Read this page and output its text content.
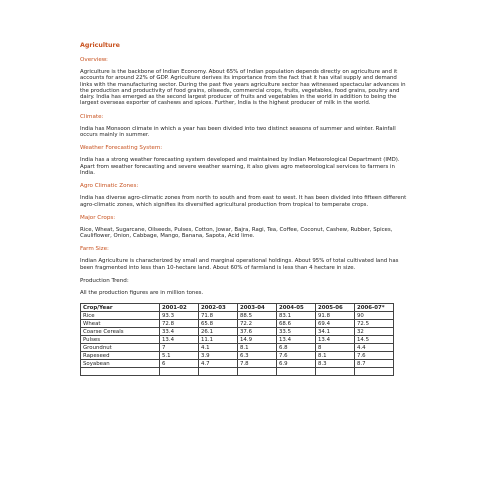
Agriculture
Overview:
Agriculture is the backbone of Indian Economy. About 65% of Indian population depends directly on agriculture and it accounts for around 22% of GDP. Agriculture derives its importance from the fact that it has vital supply and demand links with the manufacturing sector. During the past five years agriculture sector has witnessed spectacular advances in the production and productivity of food grains, oilseeds, commercial crops, fruits, vegetables, food grains, poultry and dairy. India has emerged as the second largest producer of fruits and vegetables in the world in addition to being the largest overseas exporter of cashews and spices. Further, India is the highest producer of milk in the world.
Climate:
India has Monsoon climate in which a year has been divided into two distinct seasons of summer and winter. Rainfall occurs mainly in summer.
Weather Forecasting System:
India has a strong weather forecasting system developed and maintained by Indian Meteorological Department (IMD). Apart from weather forecasting and severe weather warning, it also gives agro meteorological services to farmers in India.
Agro Climatic Zones:
India has diverse agro-climatic zones from north to south and from east to west. It has been divided into fifteen different agro-climatic zones, which signifies its diversified agricultural production from tropical to temperate crops.
Major Crops:
Rice, Wheat, Sugarcane, Oilseeds, Pulses, Cotton, Jowar, Bajra, Ragi, Tea, Coffee, Coconut, Cashew, Rubber, Spices, Cauliflower, Onion, Cabbage, Mango, Banana, Sapota, Acid lime.
Farm Size:
Indian Agriculture is characterized by small and marginal operational holdings. About 95% of total cultivated land has been fragmented into less than 10-hectare land. About 60% of farmland is less than 4 hectare in size.
Production Trend:
All the production figures are in million tones.
Crop/Year	2001-02	2002-03	2003-04	2004-05	2005-06	2006-07*
Rice	93.3	71.8	88.5	83.1	91.8	90
Wheat	72.8	65.8	72.2	68.6	69.4	72.5
Coarse Cereals	33.4	26.1	37.6	33.5	34.1	32
Pulses	13.4	11.1	14.9	13.4	13.4	14.5
Groundnut	7	4.1	8.1	6.8	8	4.4
Rapeseed	5.1	3.9	6.3	7.6	8.1	7.6
Soyabean	6	4.7	7.8	6.9	8.3	8.7
